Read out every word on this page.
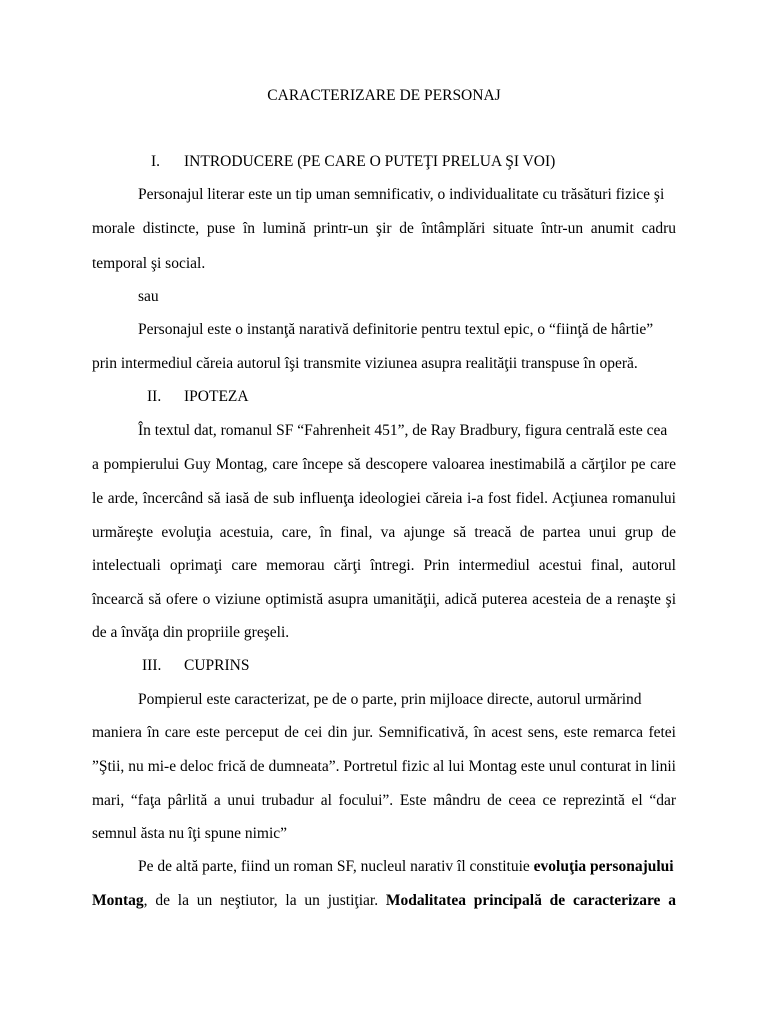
CARACTERIZARE DE PERSONAJ

I. INTRODUCERE (PE CARE O PUTEŢI PRELUA ŞI VOI)

Personajul literar este un tip uman semnificativ, o individualitate cu trăsături fizice şi

morale distincte, puse în lumină printr-un şir de întâmplări situate într-un anumit cadru

temporal şi social.

sau

Personajul este o instanţă narativă definitorie pentru textul epic, o “fiinţă de hârtie”

prin intermediul căreia autorul îşi transmite viziunea asupra realităţii transpuse în operă.

II. IPOTEZA

În textul dat, romanul SF “Fahrenheit 451”, de Ray Bradbury, figura centrală este cea

a pompierului Guy Montag, care începe să descopere valoarea inestimabilă a cărţilor pe care

le arde, încercând să iasă de sub influenţa ideologiei căreia i-a fost fidel. Acţiunea romanului

urmăreşte evoluţia acestuia, care, în final, va ajunge să treacă de partea unui grup de

intelectuali oprimaţi care memorau cărţi întregi. Prin intermediul acestui final, autorul

încearcă să ofere o viziune optimistă asupra umanităţii, adică puterea acesteia de a renaşte şi

de a învăţa din propriile greşeli.

III. CUPRINS

Pompierul este caracterizat, pe de o parte, prin mijloace directe, autorul urmărind

maniera în care este perceput de cei din jur. Semnificativă, în acest sens, este remarca fetei

”Ştii, nu mi-e deloc frică de dumneata”. Portretul fizic al lui Montag este unul conturat in linii

mari, “faţa pârlită a unui trubadur al focului”. Este mândru de ceea ce reprezintă el “dar

semnul ăsta nu îţi spune nimic”

Pe de altă parte, fiind un roman SF, nucleul narativ îl constituie evoluţia personajului

Montag, de la un neştiutor, la un justiţiar. Modalitatea principală de caracterizare a
